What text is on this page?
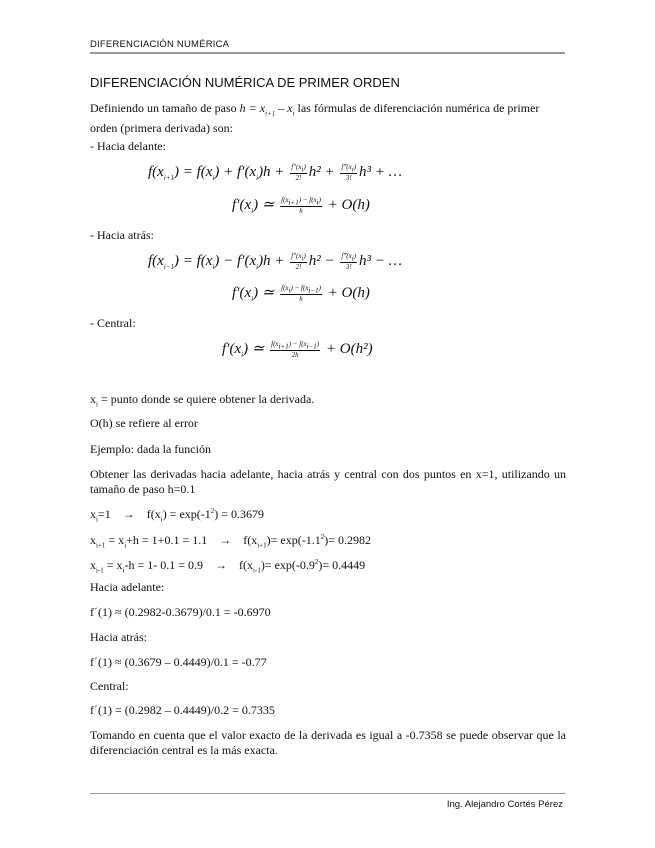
DIFERENCIACIÓN NUMÉRICA
DIFERENCIACIÓN NUMÉRICA DE PRIMER ORDEN
Definiendo un tamaño de paso $h = x_{i+1} - x_i$ las fórmulas de diferenciación numérica de primer orden (primera derivada) son:
- Hacia delante:
$f(x_{i+1}) = f(x_i) + f'(x_i)h + \frac{f''(x_i)}{2!} h^2 + \frac{f‴(x_i)}{3!} h^3$ + …
$f'(x_i)$ ≃ $\frac{f(x_{i+1}) - f(x_i)}{h} + O(h)$
- Hacia atrás:
$f(x_{i-1}) = f(x_i) - f'(x_i)h + \frac{f''(x_i)}{2!} h^2 - \frac{f‴(x_i)}{3!} h^3$ − …
$f'(x_i)$ ≃ $\frac{f(x_i) - f(x_{i-1})}{h} + O(h)$
- Central:
$f'(x_i)$ ≃ $\frac{f(x_{i+1}) - f(x_{i-1})}{2h} + O(h^2)$
$x_i$ = punto donde se quiere obtener la derivada.
O(h) se refiere al error
Ejemplo: dada la función
Obtener las derivadas hacia adelante, hacia atrás y central con dos puntos en x=1, utilizando un tamaño de paso h=0.1
$x_i=1 \to f(x_i) = \exp(-1^2) = 0.3679$
$x_{i+1} = x_i+h = 1+0.1 = 1.1 \to f(x_{i+1})= \exp(-1.1^2)= 0.2982$
$x_{i-1} = x_i-h = 1-$ $0.1 = 0.9 \to f(x_{i-1})= \exp(-0.9^2)= 0.4449$
Hacia adelante:
f΄(1) ≈ (0.2982-0.3679)/0.1 = -0.6970
Hacia atrás:
f΄(1) ≈ (0.3679 – 0.4449)/0.1 = -0.77
Central:
f΄(1) = (0.2982 – 0.4449)/0.2 = 0.7335
Tomando en cuenta que el valor exacto de la derivada es igual a -0.7358 se puede observar que la diferenciación central es la más exacta.
Ing. Alejandro Cortés Pérez
